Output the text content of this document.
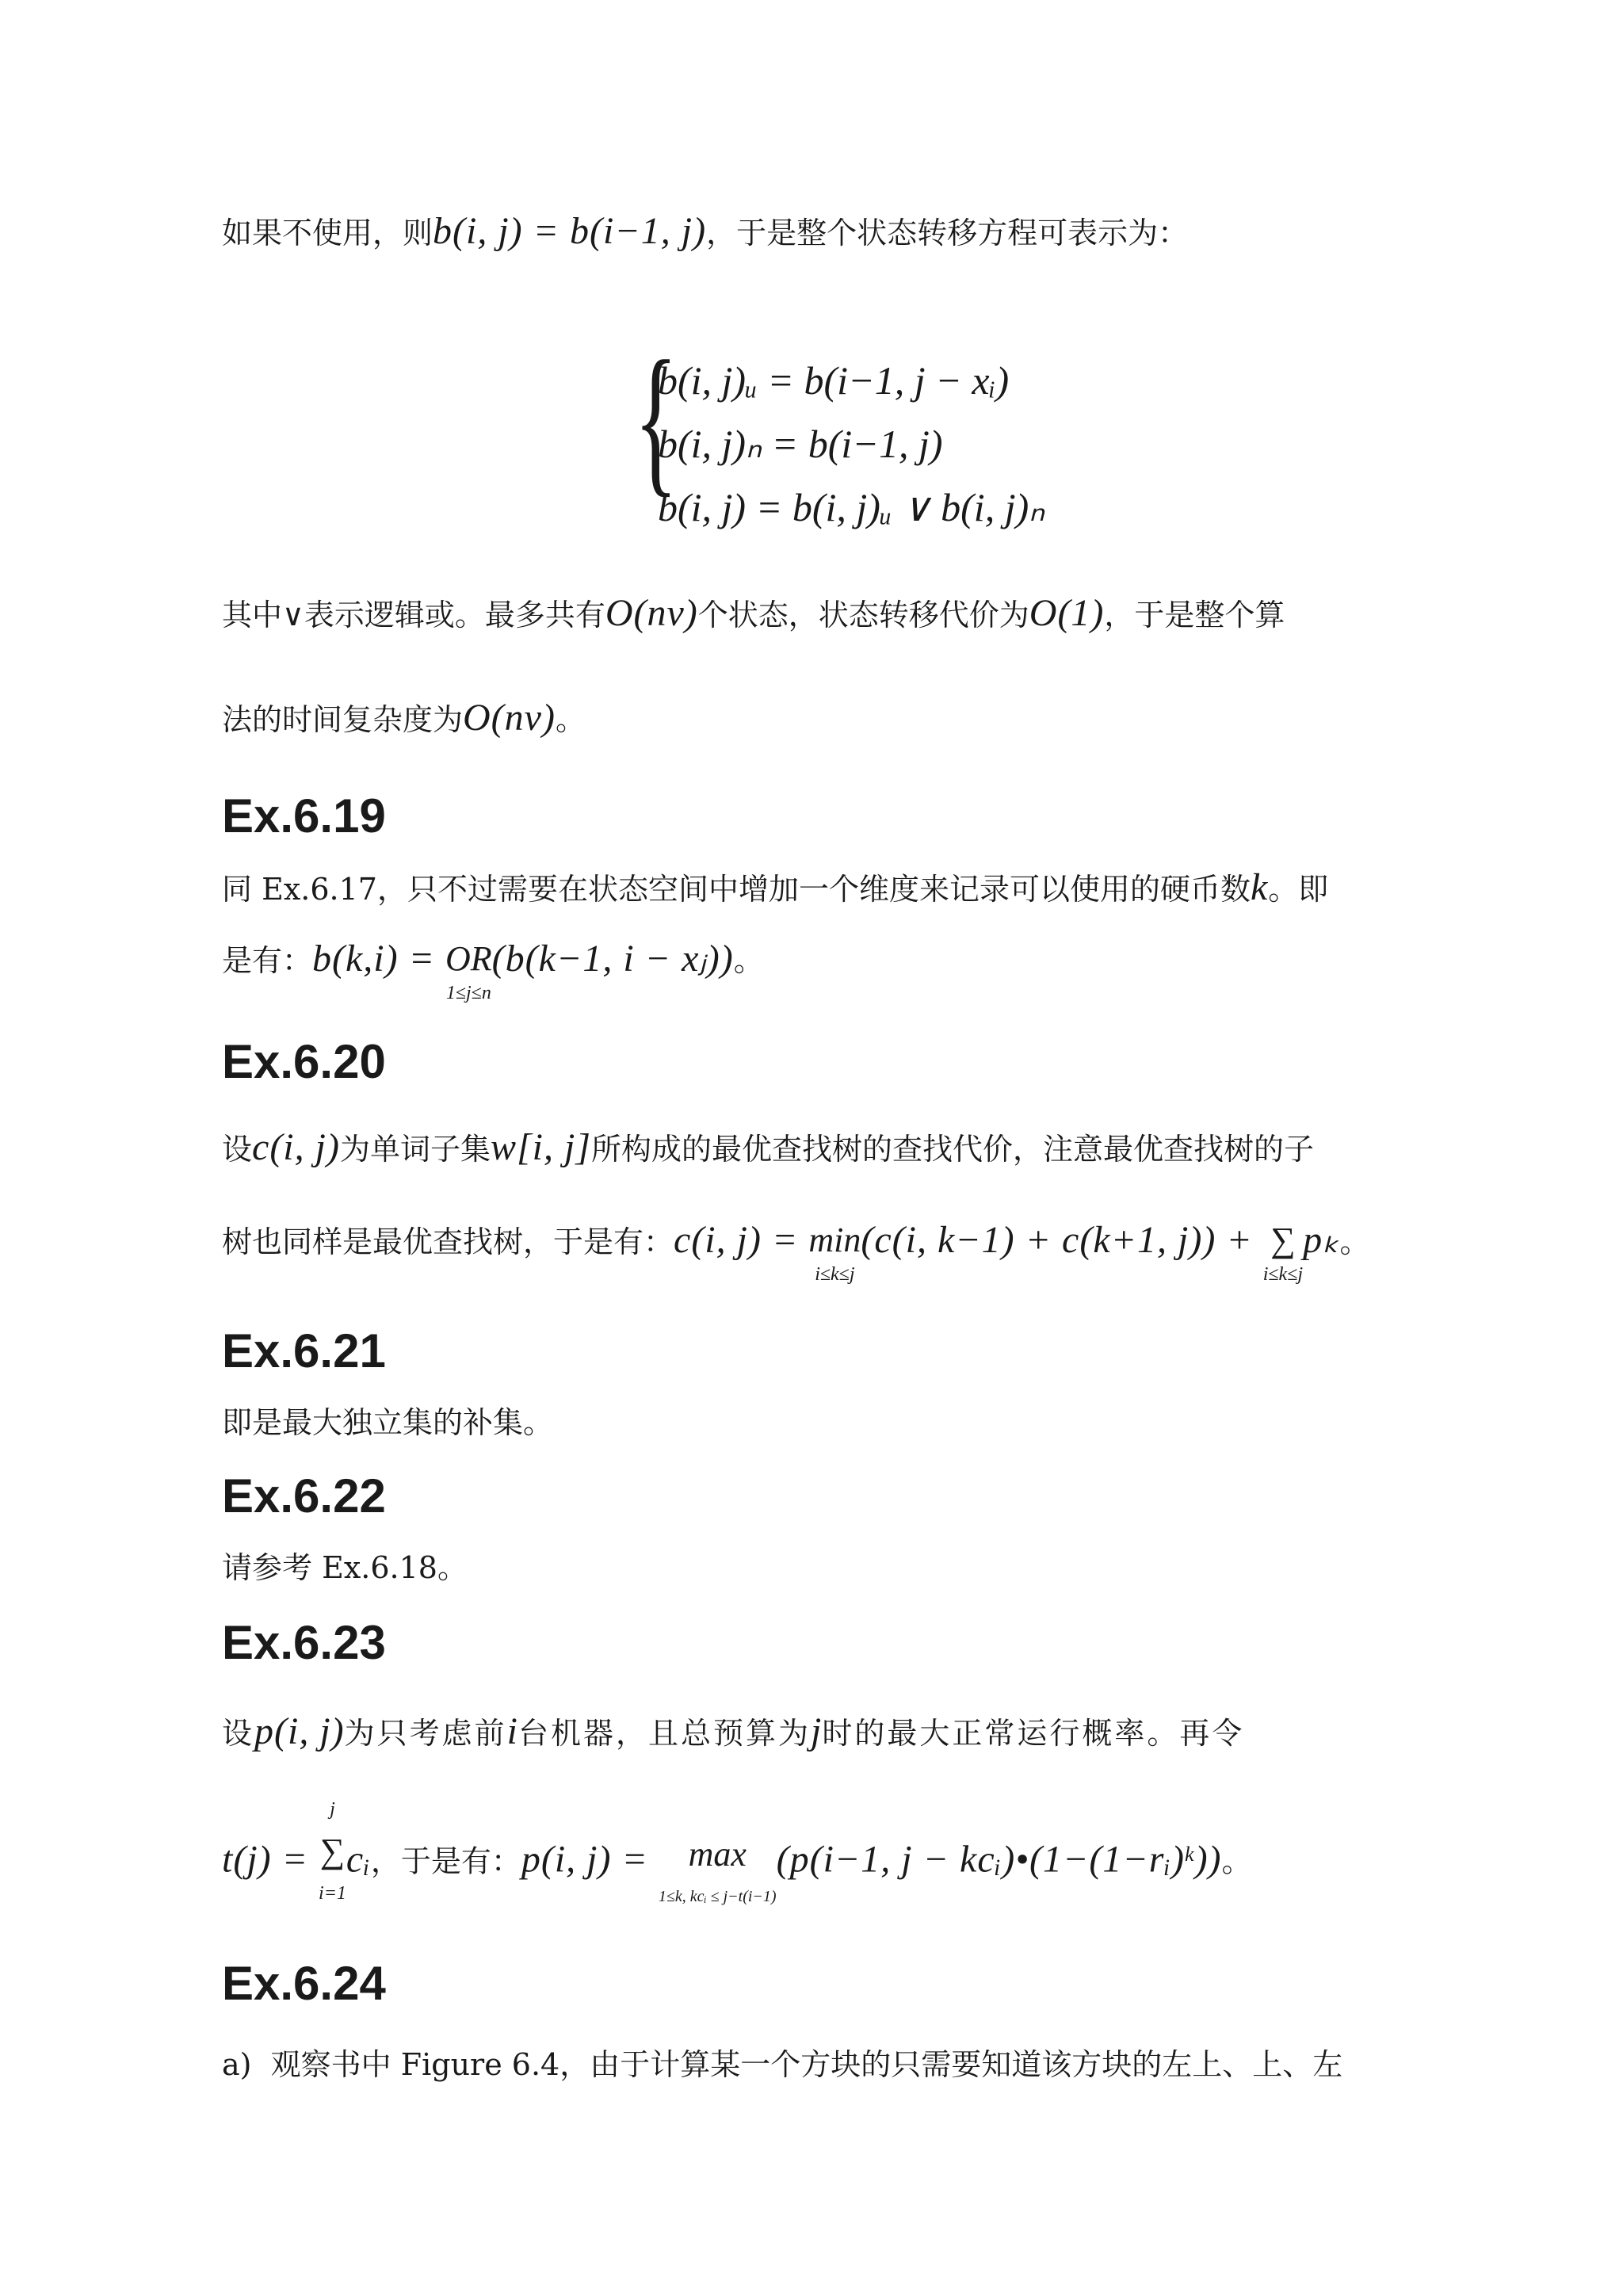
如果不使用，则b(i, j) = b(i−1, j)，于是整个状态转移方程可表示为：
{
b(i, j)ᵤ = b(i−1, j − xᵢ)
b(i, j)ₙ = b(i−1, j)
b(i, j) = b(i, j)ᵤ ∨ b(i, j)ₙ
其中∨表示逻辑或。最多共有O(nv)个状态，状态转移代价为O(1)，于是整个算
法的时间复杂度为O(nv)。
Ex.6.19
同 Ex.6.17，只不过需要在状态空间中增加一个维度来记录可以使用的硬币数k。即
是有：b(k,i) = OR
1≤j≤n
(b(k−1, i − xⱼ))。
Ex.6.20
设c(i, j)为单词子集w[i, j]所构成的最优查找树的查找代价，注意最优查找树的子
树也同样是最优查找树，于是有：c(i, j) = min
i≤k≤j
(c(i, k−1) + c(k+1, j)) + ∑
i≤k≤j
pₖ。
Ex.6.21
即是最大独立集的补集。
Ex.6.22
请参考 Ex.6.18。
Ex.6.23
设p(i, j)为只考虑前i台机器，且总预算为j时的最大正常运行概率。再令
t(j) =
j
∑
i=1
cᵢ，于是有：p(i, j) = max
1≤k, kcᵢ ≤ j−t(i−1)
(p(i−1, j − kcᵢ)•(1−(1−rᵢ)$^k$))。
Ex.6.24
a) 观察书中 Figure 6.4，由于计算某一个方块的只需要知道该方块的左上、上、左
